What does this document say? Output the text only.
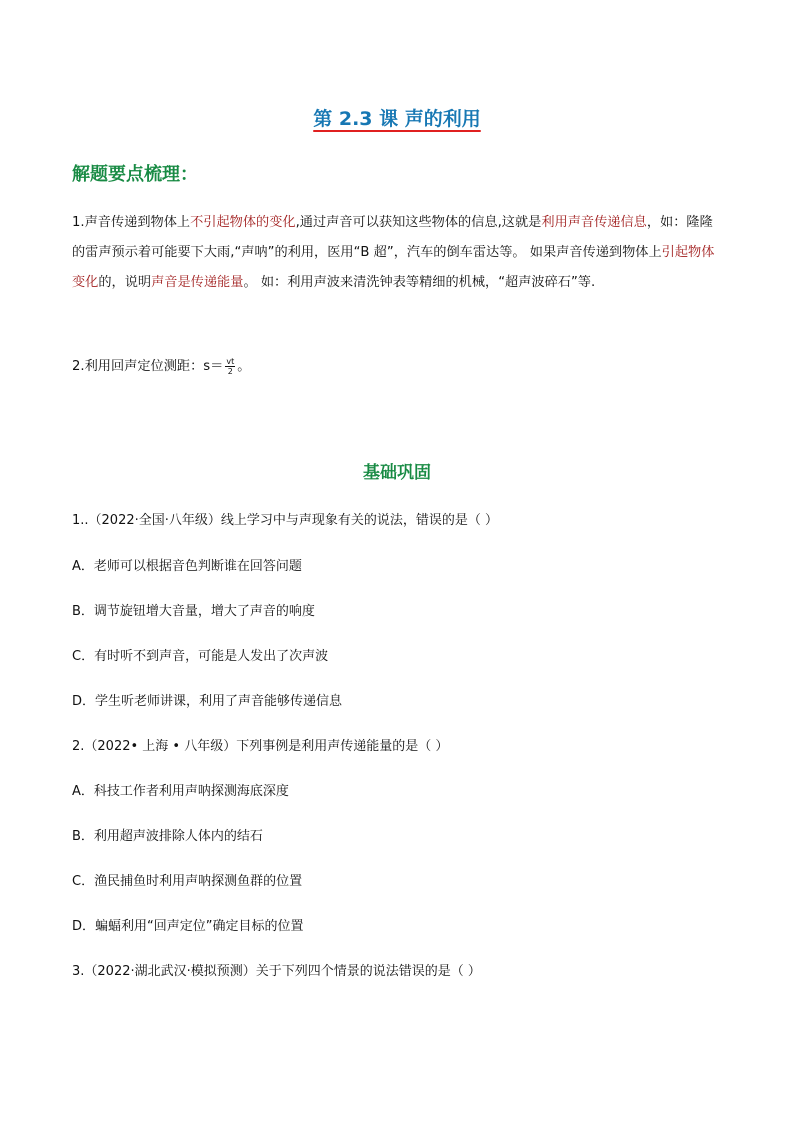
第 2.3 课 声的利用
解题要点梳理：
1.声音传递到物体上不引起物体的变化,通过声音可以获知这些物体的信息,这就是利用声音传递信息，如：隆隆的雷声预示着可能要下大雨,“声呐”的利用，医用“B 超”，汽车的倒车雷达等。 如果声音传递到物体上引起物体变化的，说明声音是传递能量。 如：利用声波来清洗钟表等精细的机械，“超声波碎石”等.
2.利用回声定位测距：$s= \frac{vt}{2}$ 。
基础巩固
1..（2022·全国·八年级）线上学习中与声现象有关的说法，错误的是（ ）
A．老师可以根据音色判断谁在回答问题
B．调节旋钮增大音量，增大了声音的响度
C．有时听不到声音，可能是人发出了次声波
D．学生听老师讲课，利用了声音能够传递信息
2.（2022• 上海 • 八年级）下列事例是利用声传递能量的是（ ）
A．科技工作者利用声呐探测海底深度
B．利用超声波排除人体内的结石
C．渔民捕鱼时利用声呐探测鱼群的位置
D．蝙蝠利用“回声定位”确定目标的位置
3.（2022·湖北武汉·模拟预测）关于下列四个情景的说法错误的是（ ）
